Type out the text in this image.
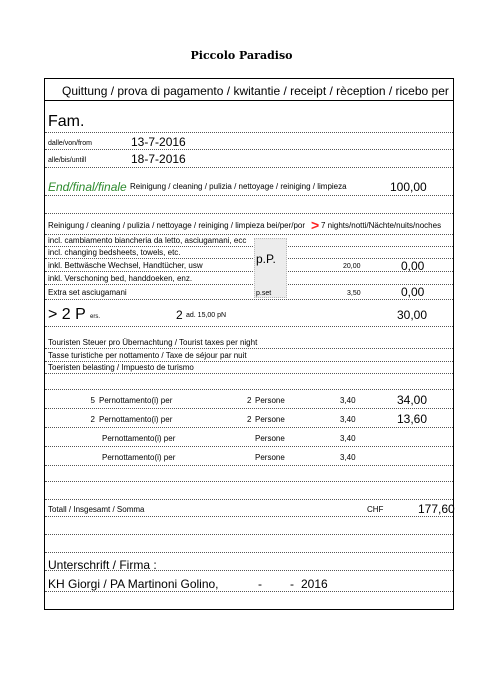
Piccolo Paradiso
Quittung / prova di pagamento / kwitantie / receipt / rèception / ricebo per
Fam.
dalle/von/from	13-7-2016
alle/bis/untill	18-7-2016
End/final/finale Reinigung / cleaning / pulizia / nettoyage / reiniging / limpieza	100,00
Reinigung / cleaning / pulizia / nettoyage / reiniging / limpieza bei/per/por > 7 nights/notti/Nächte/nuits/noches
incl. cambiamento biancheria da letto, asciugamani, ecc
incl. changing bedsheets, towels, etc.	p.P.
inkl. Bettwäsche Wechsel, Handtücher, usw	20,00	0,00
inkl. Verschoning bed, handdoeken, enz.
Extra set asciugamani	p.set	3,50	0,00
> 2 P ers.	2 ad. 15,00 pN	30,00
Touristen Steuer pro Übernachtung / Tourist taxes per night
Tasse turistiche per nottamento / Taxe de séjour par nuit
Toeristen belasting / Impuesto de turismo
5 Pernottamento(i) per	2 Persone	3,40	34,00
2 Pernottamento(i) per	2 Persone	3,40	13,60
Pernottamento(i) per	Persone	3,40
Pernottamento(i) per	Persone	3,40
Totall / Insgesamt / Somma	CHF	177,60
Unterschrift / Firma :
KH Giorgi / PA Martinoni Golino,	- - 2016
